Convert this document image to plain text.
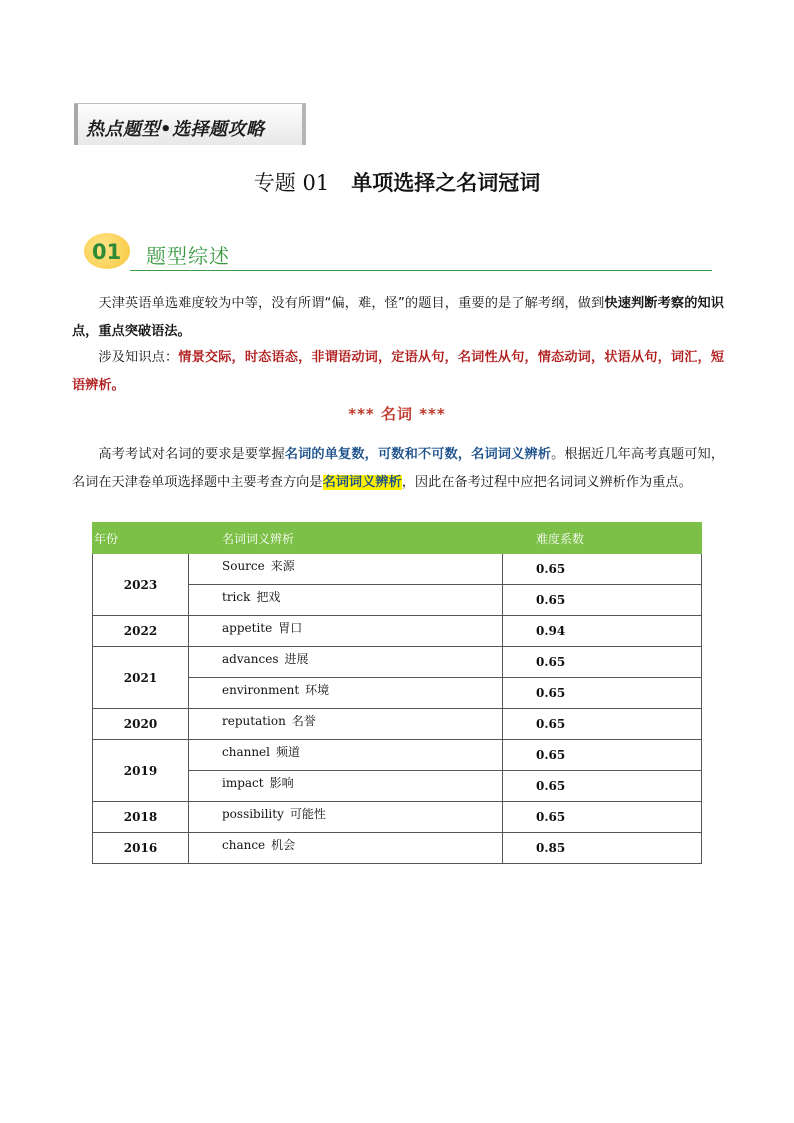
热点题型•选择题攻略
专题 01 单项选择之名词冠词
01 题型综述
天津英语单选难度较为中等，没有所谓“偏，难，怪”的题目，重要的是了解考纲，做到快速判断考察的知识点，重点突破语法。
涉及知识点：情景交际，时态语态，非谓语动词，定语从句，名词性从句，情态动词，状语从句，词汇，短语辨析。
*** 名词 ***
高考考试对名词的要求是要掌握名词的单复数，可数和不可数，名词词义辨析。根据近几年高考真题可知，名词在天津卷单项选择题中主要考查方向是名词词义辨析，因此在备考过程中应把名词词义辨析作为重点。
年份	名词词义辨析	难度系数
2023	Source 来源	0.65
	trick 把戏	0.65
2022	appetite 胃口	0.94
2021	advances 进展	0.65
	environment 环境	0.65
2020	reputation 名誉	0.65
2019	channel 频道	0.65
	impact 影响	0.65
2018	possibility 可能性	0.65
2016	chance 机会	0.85
